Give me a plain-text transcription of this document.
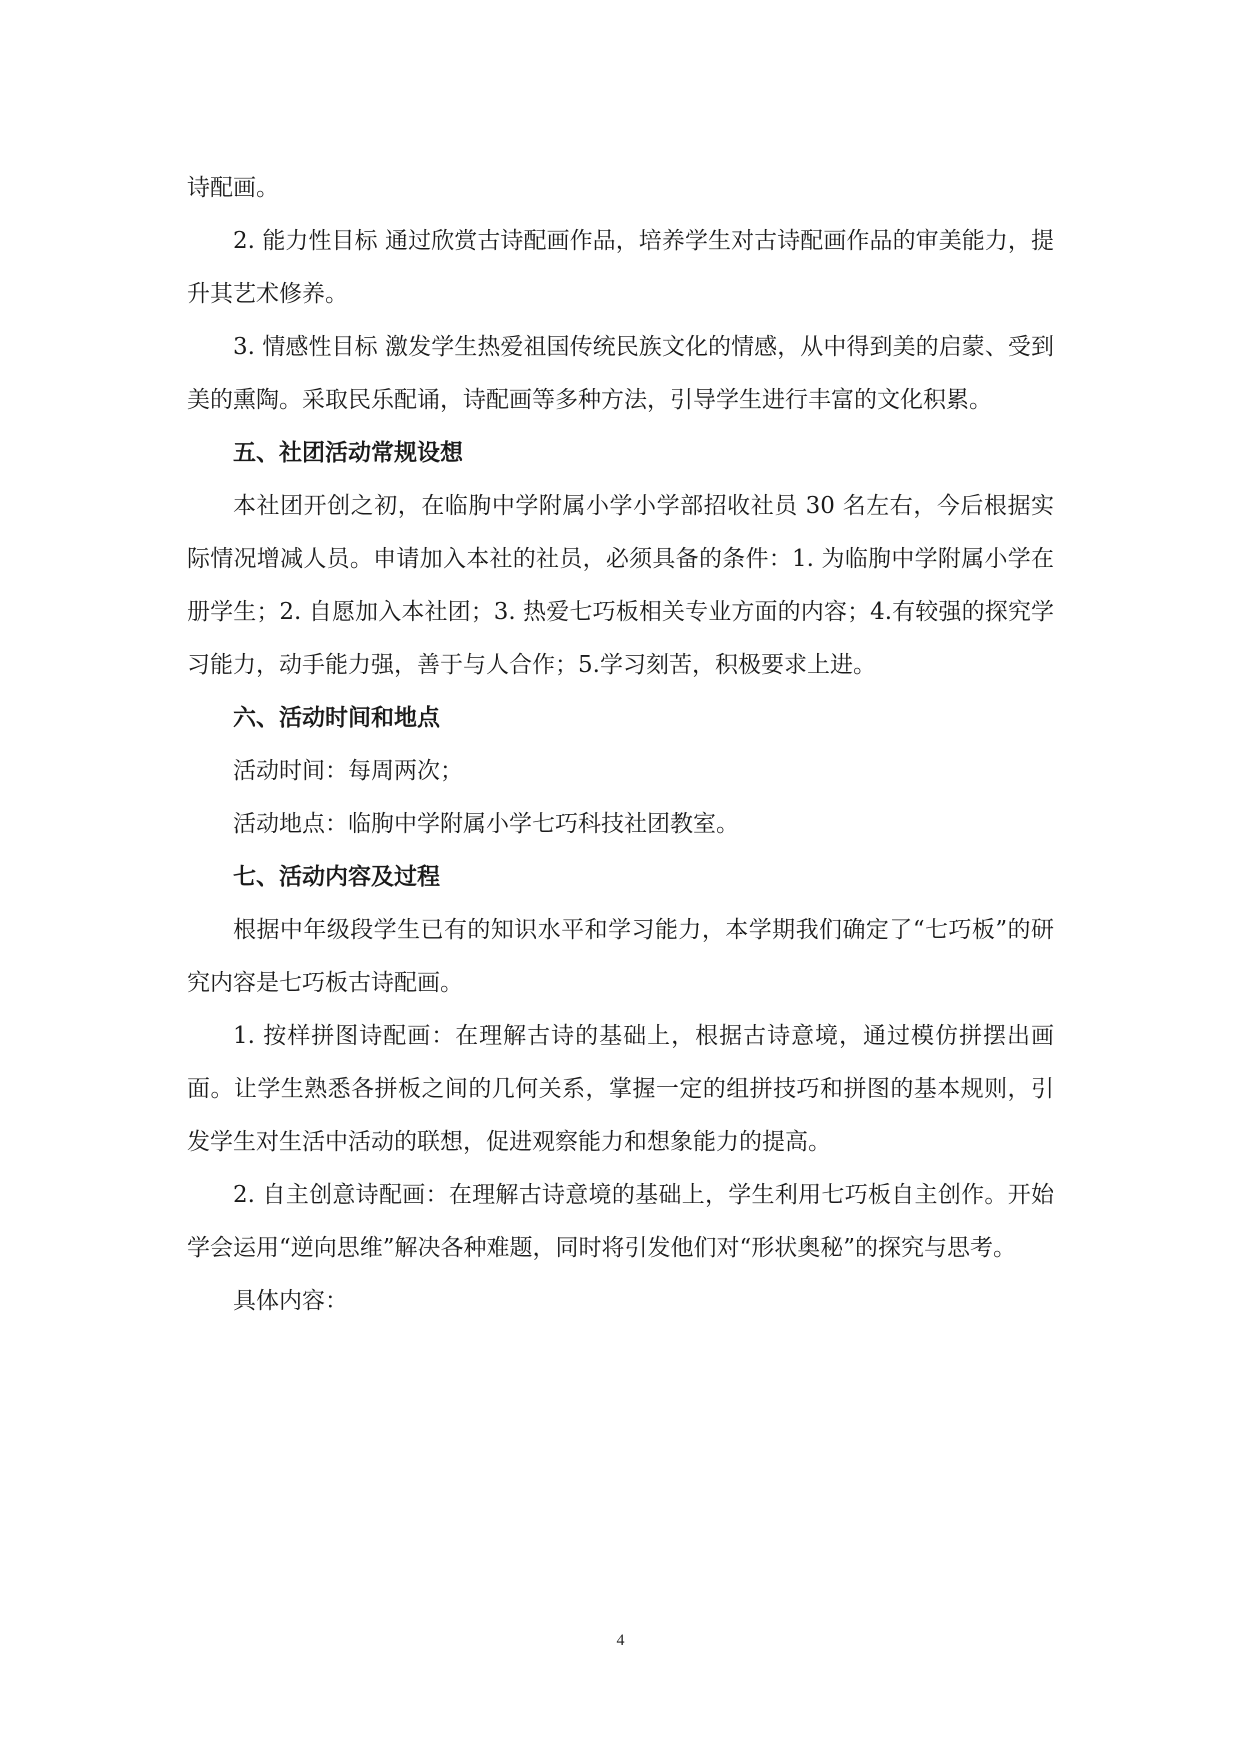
诗配画。

2. 能力性目标 通过欣赏古诗配画作品，培养学生对古诗配画作品的审美能力，提升其艺术修养。

3. 情感性目标 激发学生热爱祖国传统民族文化的情感，从中得到美的启蒙、受到美的熏陶。采取民乐配诵，诗配画等多种方法，引导学生进行丰富的文化积累。

五、社团活动常规设想

本社团开创之初，在临朐中学附属小学小学部招收社员 30 名左右，今后根据实际情况增减人员。申请加入本社的社员，必须具备的条件：1. 为临朐中学附属小学在册学生；2. 自愿加入本社团；3. 热爱七巧板相关专业方面的内容；4.有较强的探究学习能力，动手能力强，善于与人合作；5.学习刻苦，积极要求上进。

六、活动时间和地点

活动时间：每周两次；

活动地点：临朐中学附属小学七巧科技社团教室。

七、活动内容及过程

根据中年级段学生已有的知识水平和学习能力，本学期我们确定了“七巧板”的研究内容是七巧板古诗配画。

1. 按样拼图诗配画：在理解古诗的基础上，根据古诗意境，通过模仿拼摆出画面。让学生熟悉各拼板之间的几何关系，掌握一定的组拼技巧和拼图的基本规则，引发学生对生活中活动的联想，促进观察能力和想象能力的提高。

2. 自主创意诗配画：在理解古诗意境的基础上，学生利用七巧板自主创作。开始学会运用“逆向思维”解决各种难题，同时将引发他们对“形状奥秘”的探究与思考。

具体内容：

4
